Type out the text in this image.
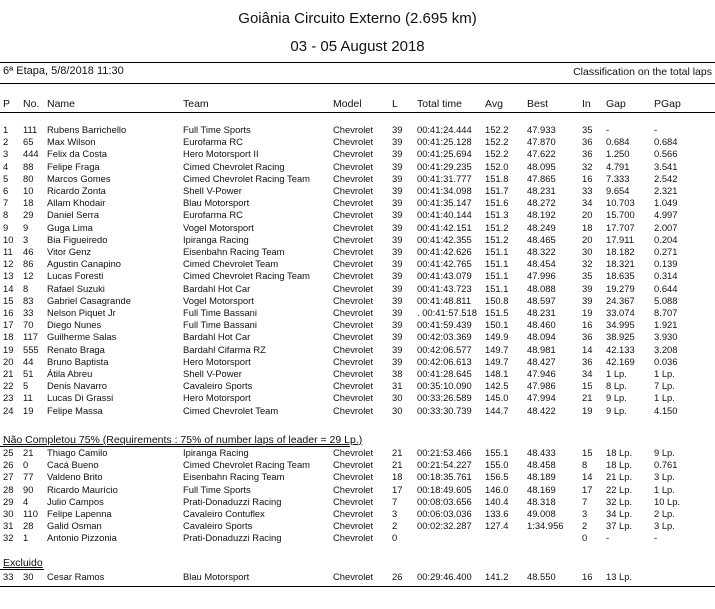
Goiânia Circuito Externo (2.695 km)
03 - 05 August 2018
6ª Etapa, 5/8/2018 11:30	Classification on the total laps
P No. Name	Team	Model	L Total time Avg Best	In Gap	PGap
1 111 Rubens Barrichello	Full Time Sports	Chevrolet 39 00:41:24.444 152.2 47.933	35 -	-
2 65 Max Wilson	Eurofarma RC	Chevrolet 39 00:41:25.128 152.2 47.870	36 0.684	0.684
3 444 Felix da Costa	Hero Motorsport II	Chevrolet 39 00:41:25.694 152.2 47.622	36 1.250	0.566
4 88 Felipe Fraga	Cimed Chevrolet Racing	Chevrolet 39 00:41:29.235 152.0 48.095	32 4.791	3.541
5 80 Marcos Gomes	Cimed Chevrolet Racing Team Chevrolet 39 00:41:31.777 151.8 47.865	16 7.333	2.542
6 10 Ricardo Zonta	Shell V-Power	Chevrolet 39 00:41:34.098 151.7 48.231	33 9.654	2.321
7 18 Allam Khodair	Blau Motorsport	Chevrolet 39 00:41:35.147 151.6 48.272	34 10.703 1.049
8 29 Daniel Serra	Eurofarma RC	Chevrolet 39 00:41:40.144 151.3 48.192	20 15.700 4.997
9 9 Guga Lima	Vogel Motorsport	Chevrolet 39 00:41:42.151 151.2 48.249	18 17.707 2.007
10 3 Bia Figueiredo	Ipiranga Racing	Chevrolet 39 00:41:42.355 151.2 48.465	20 17.911 0.204
11 46 Vitor Genz	Eisenbahn Racing Team	Chevrolet 39 00:41:42.626 151.1 48.322	30 18.182 0.271
12 86 Agustin Canapino	Cimed Chevrolet Team	Chevrolet 39 00:41:42.765 151.1 48.454	32 18.321 0.139
13 12 Lucas Foresti	Cimed Chevrolet Racing Team Chevrolet 39 00:41:43.079 151.1 47.996	35 18.635 0.314
14 8 Rafael Suzuki	Bardahl Hot Car	Chevrolet 39 00:41:43.723 151.1 48.088	39 19.279 0.644
15 83 Gabriel Casagrande	Vogel Motorsport	Chevrolet 39 00:41:48.811 150.8 48.597	39 24.367 5.088
16 33 Nelson Piquet Jr	Full Time Bassani	Chevrolet 39 . 00:41:57.518 151.5 48.231	19 33.074 8.707
17 70 Diego Nunes	Full Time Bassani	Chevrolet 39 00:41:59.439 150.1 48.460	16 34.995 1.921
18 117 Guilherme Salas	Bardahl Hot Car	Chevrolet 39 00:42:03.369 149.9 48.094	36 38.925 3.930
19 555 Renato Braga	Bardahl Cifarma RZ	Chevrolet 39 00:42:06.577 149.7 48.981	14 42.133 3.208
20 44 Bruno Baptista	Hero Motorsport	Chevrolet 39 00:42:06.613 149.7 48.427	36 42.169 0.036
21 51 Átila Abreu	Shell V-Power	Chevrolet 38 00:41:28.645 148.1 47.946	34 1 Lp.	1 Lp.
22 5 Denis Navarro	Cavaleiro Sports	Chevrolet 31 00:35:10.090 142.5 47.986	15 8 Lp.	7 Lp.
23 11 Lucas Di Grassi	Hero Motorsport	Chevrolet 30 00:33:26.589 145.0 47.994	21 9 Lp.	1 Lp.
24 19 Felipe Massa	Cimed Chevrolet Team	Chevrolet 30 00:33:30.739 144.7 48.422	19 9 Lp.	4.150
Não Completou 75% (Requirements : 75% of number laps of leader = 29 Lp.)
25 21 Thiago Camilo	Ipiranga Racing	Chevrolet 21 00:21:53.466 155.1 48.433	15 18 Lp. 9 Lp.
26 0 Cacá Bueno	Cimed Chevrolet Racing Team Chevrolet 21 00:21:54.227 155.0 48.458	8 18 Lp. 0.761
27 77 Valdeno Brito	Eisenbahn Racing Team	Chevrolet 18 00:18:35.761 156.5 48.189	14 21 Lp. 3 Lp.
28 90 Ricardo Maurício	Full Time Sports	Chevrolet 17 00:18:49.605 146.0 48.169	17 22 Lp. 1 Lp.
29 4 Julio Campos	Prati-Donaduzzi Racing	Chevrolet 7 00:08:03.656 140.4 48.318	7 32 Lp. 10 Lp.
30 110 Felipe Lapenna	Cavaleiro Contuflex	Chevrolet 3 00:06:03.036 133.6 49.008	3 34 Lp. 2 Lp.
31 28 Galid Osman	Cavaleiro Sports	Chevrolet 2 00:02:32.287 127.4 1:34.956 2 37 Lp. 3 Lp.
32 1 Antonio Pizzonia	Prati-Donaduzzi Racing	Chevrolet 0	0 -	-
Excluido
33 30 Cesar Ramos	Blau Motorsport	Chevrolet 26 00:29:46.400 141.2 48.550	16 13 Lp.
